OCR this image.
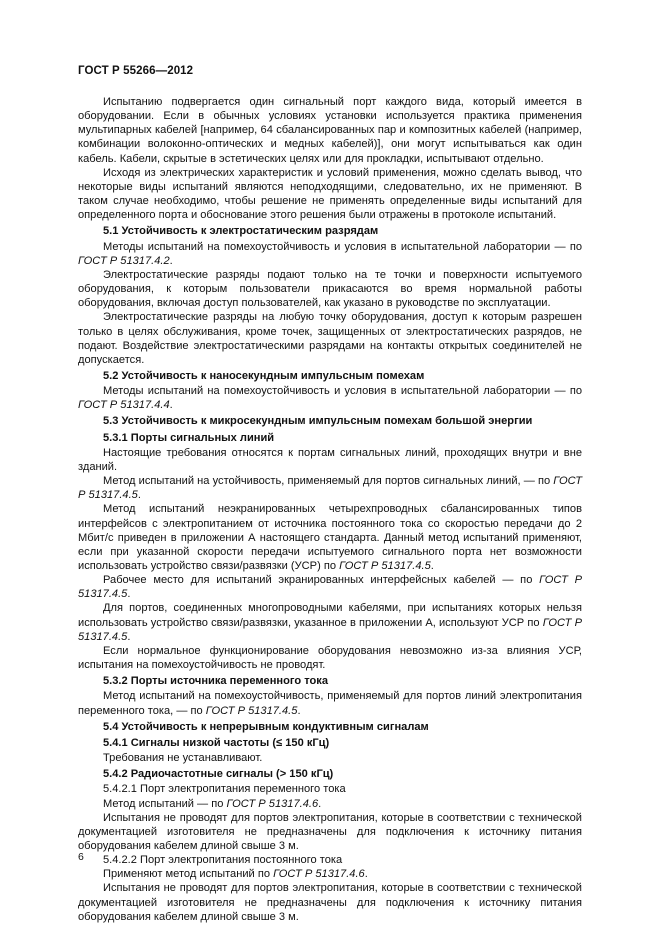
ГОСТ Р 55266—2012

Испытанию подвергается один сигнальный порт каждого вида, который имеется в оборудовании. Если в обычных условиях установки используется практика применения мультипарных кабелей [например, 64 сбалансированных пар и композитных кабелей (например, комбинации волоконно-оптических и медных кабелей)], они могут испытываться как один кабель. Кабели, скрытые в эстетических целях или для прокладки, испытывают отдельно.

Исходя из электрических характеристик и условий применения, можно сделать вывод, что некоторые виды испытаний являются неподходящими, следовательно, их не применяют. В таком случае необходимо, чтобы решение не применять определенные виды испытаний для определенного порта и обоснование этого решения были отражены в протоколе испытаний.

5.1 Устойчивость к электростатическим разрядам

Методы испытаний на помехоустойчивость и условия в испытательной лаборатории — по ГОСТ Р 51317.4.2.

Электростатические разряды подают только на те точки и поверхности испытуемого оборудования, к которым пользователи прикасаются во время нормальной работы оборудования, включая доступ пользователей, как указано в руководстве по эксплуатации.

Электростатические разряды на любую точку оборудования, доступ к которым разрешен только в целях обслуживания, кроме точек, защищенных от электростатических разрядов, не подают. Воздействие электростатическими разрядами на контакты открытых соединителей не допускается.

5.2 Устойчивость к наносекундным импульсным помехам

Методы испытаний на помехоустойчивость и условия в испытательной лаборатории — по ГОСТ Р 51317.4.4.

5.3 Устойчивость к микросекундным импульсным помехам большой энергии

5.3.1 Порты сигнальных линий

Настоящие требования относятся к портам сигнальных линий, проходящих внутри и вне зданий.

Метод испытаний на устойчивость, применяемый для портов сигнальных линий, — по ГОСТ Р 51317.4.5.

Метод испытаний неэкранированных четырехпроводных сбалансированных типов интерфейсов с электропитанием от источника постоянного тока со скоростью передачи до 2 Мбит/с приведен в приложении А настоящего стандарта. Данный метод испытаний применяют, если при указанной скорости передачи испытуемого сигнального порта нет возможности использовать устройство связи/развязки (УСР) по ГОСТ Р 51317.4.5.

Рабочее место для испытаний экранированных интерфейсных кабелей — по ГОСТ Р 51317.4.5.

Для портов, соединенных многопроводными кабелями, при испытаниях которых нельзя использовать устройство связи/развязки, указанное в приложении А, используют УСР по ГОСТ Р 51317.4.5.

Если нормальное функционирование оборудования невозможно из-за влияния УСР, испытания на помехоустойчивость не проводят.

5.3.2 Порты источника переменного тока

Метод испытаний на помехоустойчивость, применяемый для портов линий электропитания переменного тока, — по ГОСТ Р 51317.4.5.

5.4 Устойчивость к непрерывным кондуктивным сигналам

5.4.1 Сигналы низкой частоты (≤ 150 кГц)

Требования не устанавливают.

5.4.2 Радиочастотные сигналы (> 150 кГц)

5.4.2.1 Порт электропитания переменного тока

Метод испытаний — по ГОСТ Р 51317.4.6.

Испытания не проводят для портов электропитания, которые в соответствии с технической документацией изготовителя не предназначены для подключения к источнику питания оборудования кабелем длиной свыше 3 м.

5.4.2.2 Порт электропитания постоянного тока

Применяют метод испытаний по ГОСТ Р 51317.4.6.

Испытания не проводят для портов электропитания, которые в соответствии с технической документацией изготовителя не предназначены для подключения к источнику питания оборудования кабелем длиной свыше 3 м.

6
